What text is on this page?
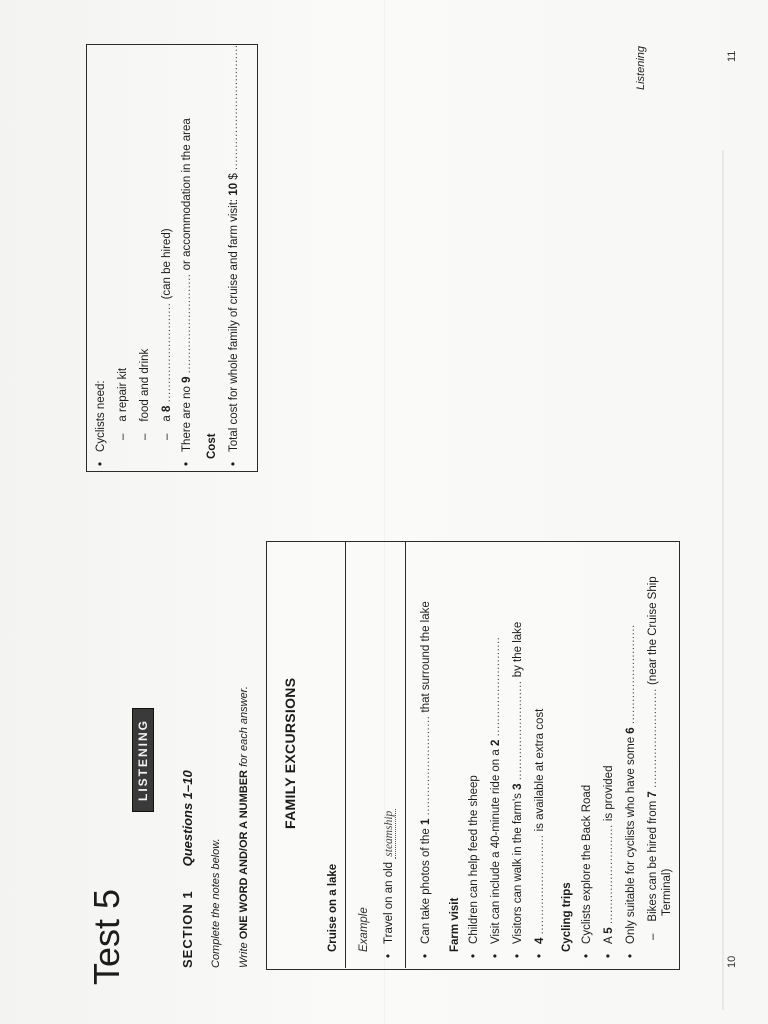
10
11
Listening
Test 5
LISTENING
SECTION 1Questions 1–10
Complete the notes below. Write ONE WORD AND/OR A NUMBER for each answer. FAMILY EXCURSIONS
Cruise on a lake Example • Travel on an old steamship • Can take photos of the 1 ........................... that surround the lake
Farm visit • Children can help feed the sheep • Visit can include a 40-minute ride on a 2 ...........................
• Visitors can walk in the farm's 3 ........................... by the lake
• 4 ........................... is available at extra cost
Cycling trips • Cyclists explore the Back Road • A 5 ........................... is provided • Only suitable for cyclists who have some 6 ...........................
– Bikes can be hired from 7 ........................... (near the Cruise Ship
Terminal)
• Cyclists need: – a repair kit – food and drink – a 8 ........................... (can be hired)
• There are no 9 ........................... or accommodation in the area
Cost • Total cost for whole family of cruise and farm visit: 10 $ ..................................
